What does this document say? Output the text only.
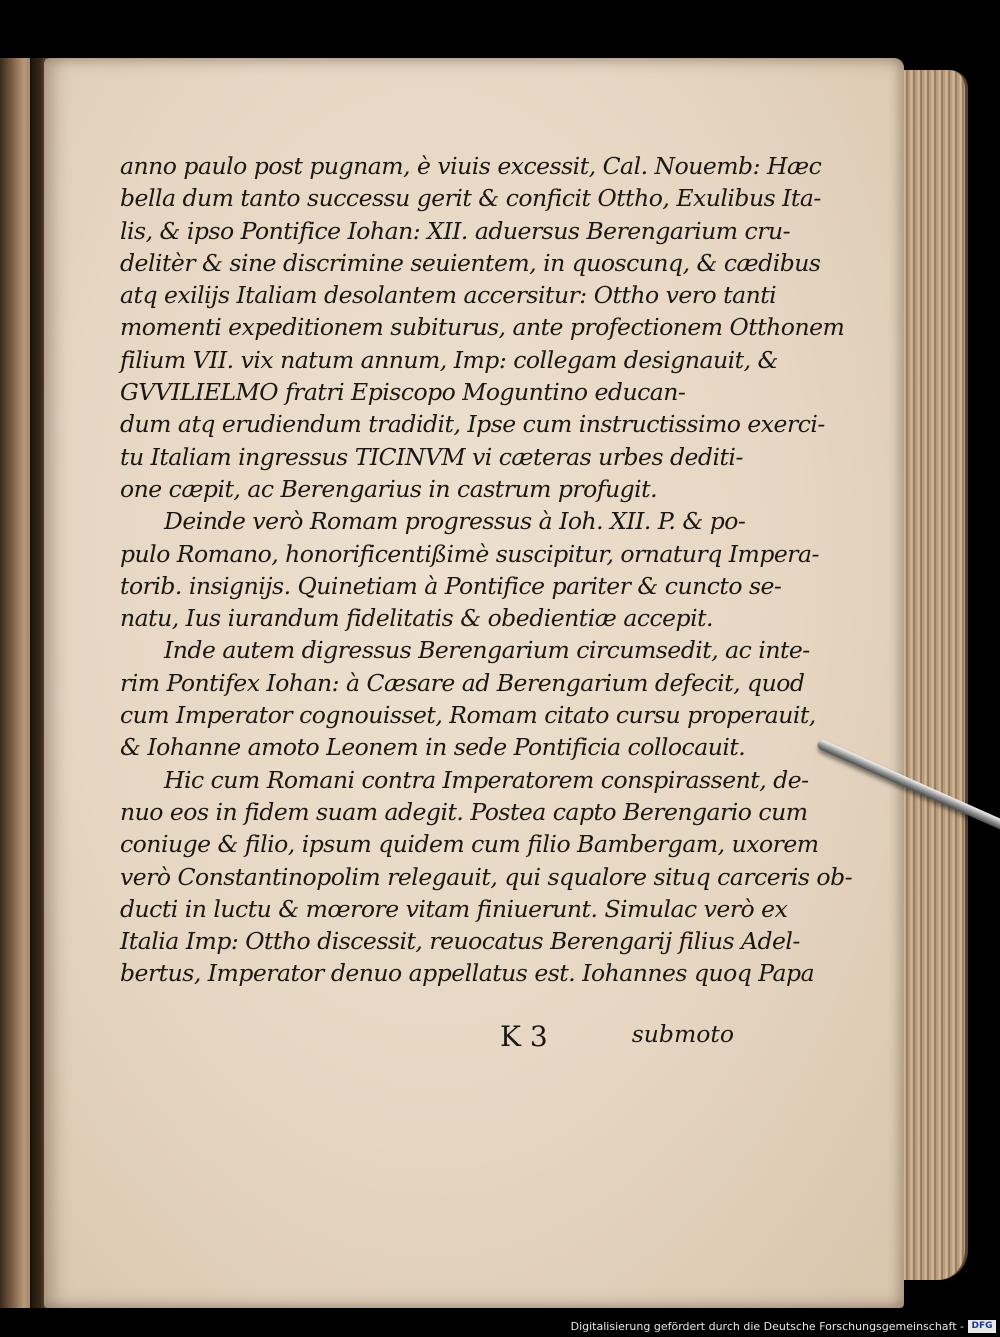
anno paulo post pugnam, è viuis excessit, Cal. Nouemb: Hæc
bella dum tanto successu gerit & conficit Ottho, Exulibus Ita-
lis, & ipso Pontifice Iohan: XII. aduersus Berengarium cru-
delitèr & sine discrimine seuientem, in quoscunq, & cædibus
atq exilijs Italiam desolantem accersitur: Ottho vero tanti
momenti expeditionem subiturus, ante profectionem Otthonem
filium VII. vix natum annum, Imp: collegam designauit, &
GVVILIELMO fratri Episcopo Moguntino educan-
dum atq erudiendum tradidit, Ipse cum instructissimo exerci-
tu Italiam ingressus TICINVM vi cæteras urbes dediti-
one cæpit, ac Berengarius in castrum profugit.
Deinde verò Romam progressus à Ioh. XII. P. & po-
pulo Romano, honorificentißimè suscipitur, ornaturq Impera-
torib. insignijs. Quinetiam à Pontifice pariter & cuncto se-
natu, Ius iurandum fidelitatis & obedientiæ accepit.
Inde autem digressus Berengarium circumsedit, ac inte-
rim Pontifex Iohan: à Cæsare ad Berengarium defecit, quod
cum Imperator cognouisset, Romam citato cursu properauit,
& Iohanne amoto Leonem in sede Pontificia collocauit.
Hic cum Romani contra Imperatorem conspirassent, de-
nuo eos in fidem suam adegit. Postea capto Berengario cum
coniuge & filio, ipsum quidem cum filio Bambergam, uxorem
verò Constantinopolim relegauit, qui squalore situq carceris ob-
ducti in luctu & mœrore vitam finiuerunt. Simulac verò ex
Italia Imp: Ottho discessit, reuocatus Berengarij filius Adel-
bertus, Imperator denuo appellatus est. Iohannes quoq Papa
K 3	submoto
Digitalisierung gefördert durch die Deutsche Forschungsgemeinschaft - DFG
